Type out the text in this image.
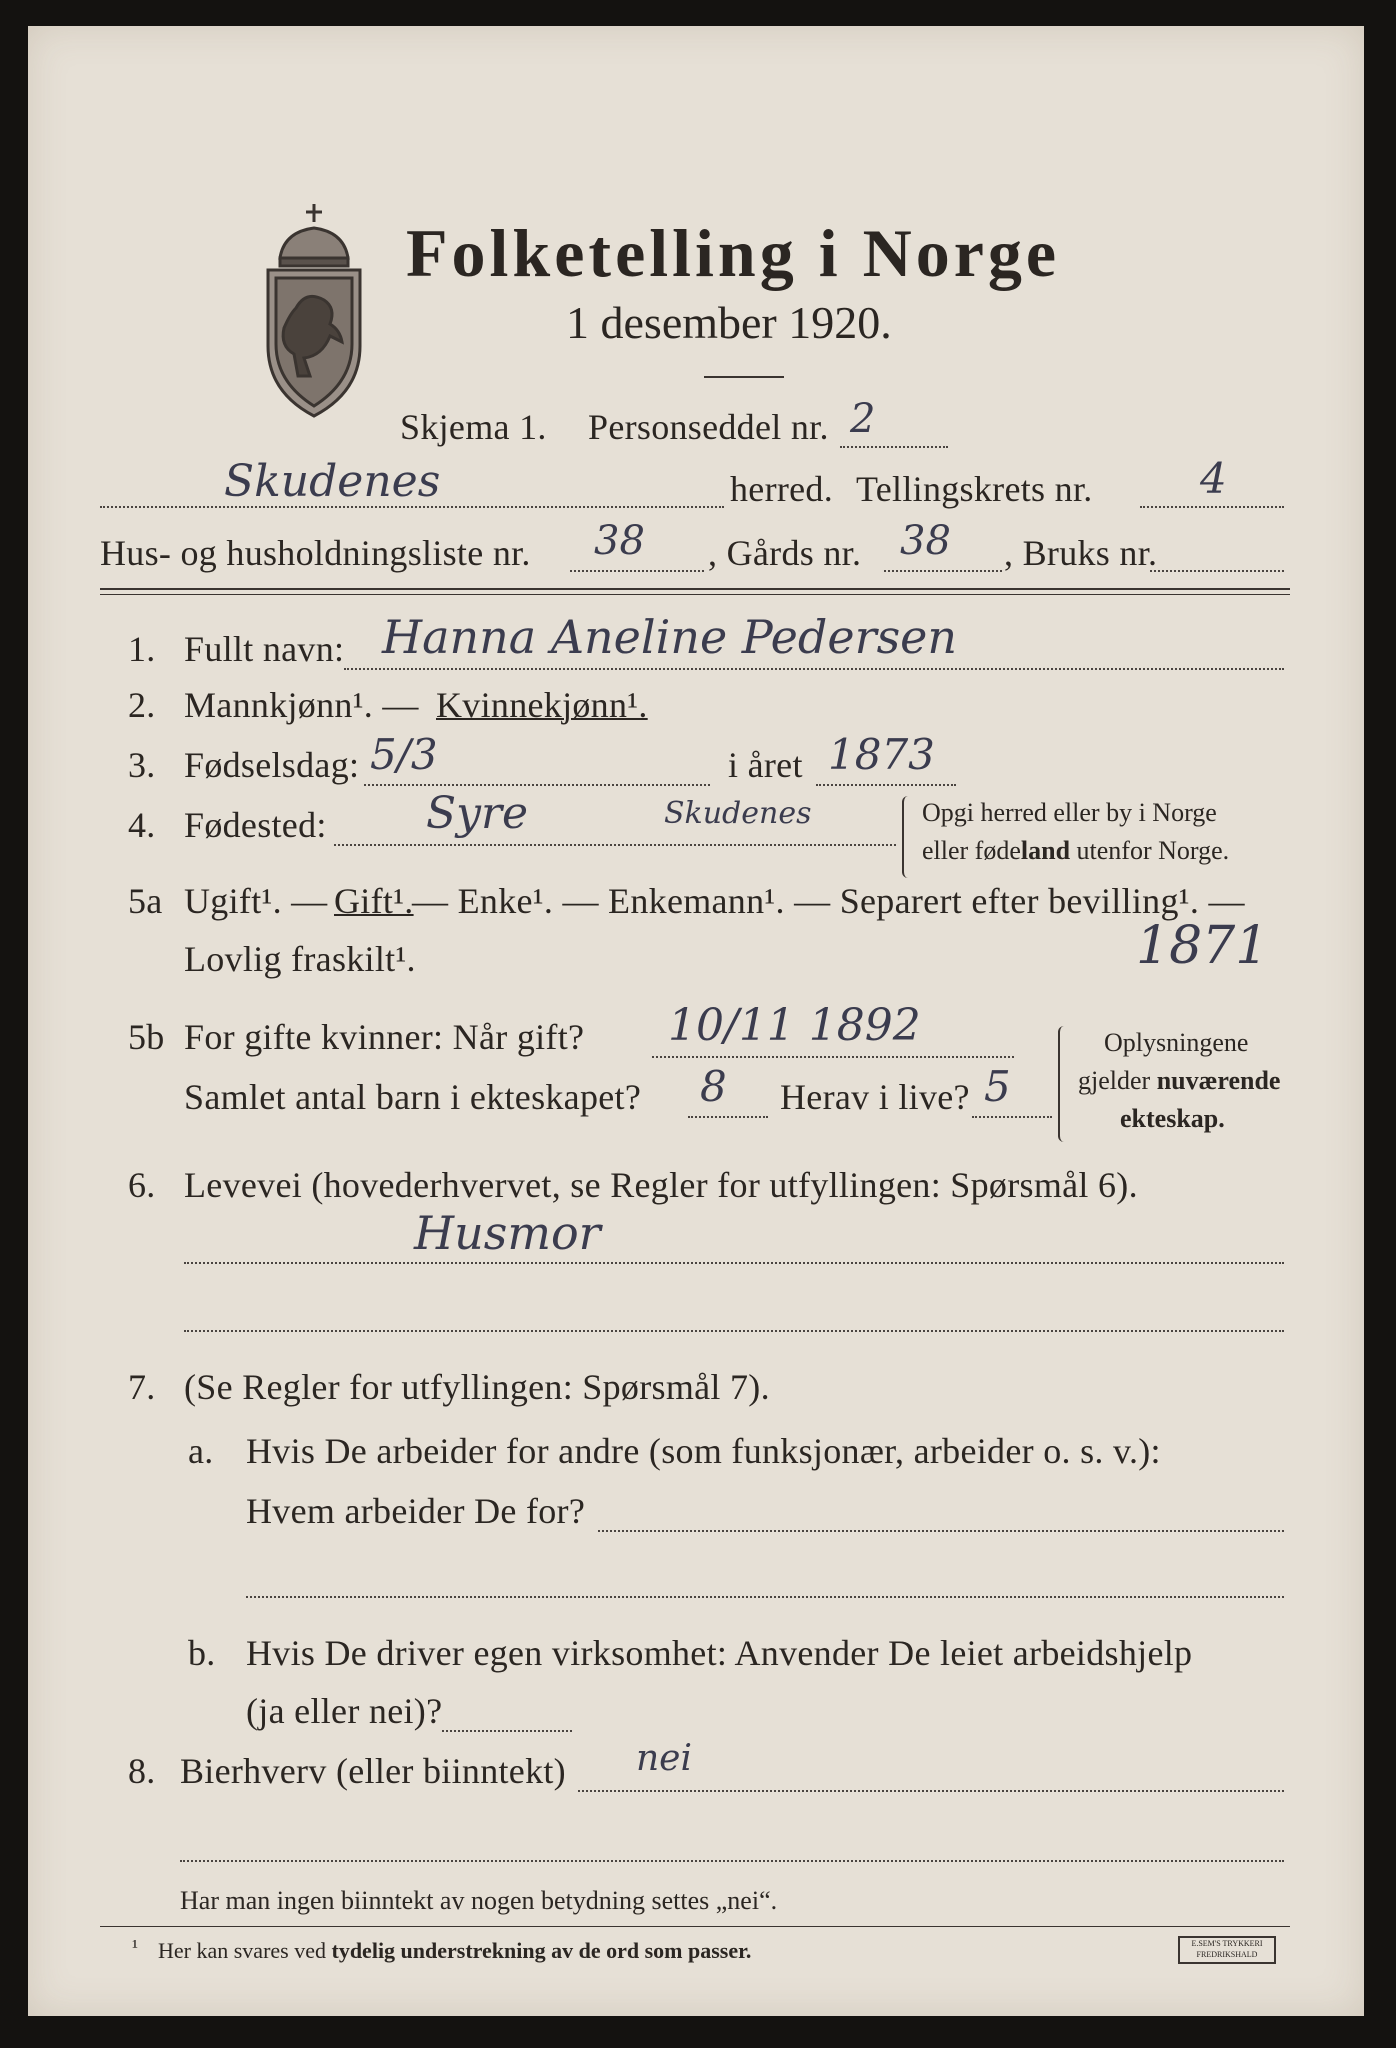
Folketelling i Norge
1 desember 1920.
Skjema 1. Personseddel nr. 2
Skudenes	herred. Tellingskrets nr.	4
Hus- og husholdningsliste nr. 38 , Gårds nr. 38 , Bruks nr.
1. Fullt navn: Hanna Aneline Pedersen
2. Mannkjønn¹. — Kvinnekjønn¹.
3. Fødselsdag: 5/3	i året 1873
4. Fødested: Syre	Skudenes	Opgi herred eller by i Norge
eller fødeland utenfor Norge.
5a Ugift¹. — Gift¹.
— Enke¹. — Enkemann¹. — Separert efter bevilling¹. —
Lovlig fraskilt¹.	1871
5b For gifte kvinner: Når gift? 10/11 1892
Samlet antal barn i ekteskapet? 8 Herav i live? 5
Oplysningene
gjelder nuværende
ekteskap.
6. Levevei (hovederhvervet, se Regler for utfyllingen: Spørsmål 6).
Husmor
7. (Se Regler for utfyllingen: Spørsmål 7).
a. Hvis De arbeider for andre (som funksjonær, arbeider o. s. v.):
Hvem arbeider De for?
b. Hvis De driver egen virksomhet: Anvender De leiet arbeidshjelp
(ja eller nei)?
8. Bierhverv (eller biinntekt) nei
Har man ingen biinntekt av nogen betydning settes „nei“.
¹ Her kan svares ved tydelig understrekning av de ord som passer.	E.SEM'S TRYKKERI FREDRIKSHALD
